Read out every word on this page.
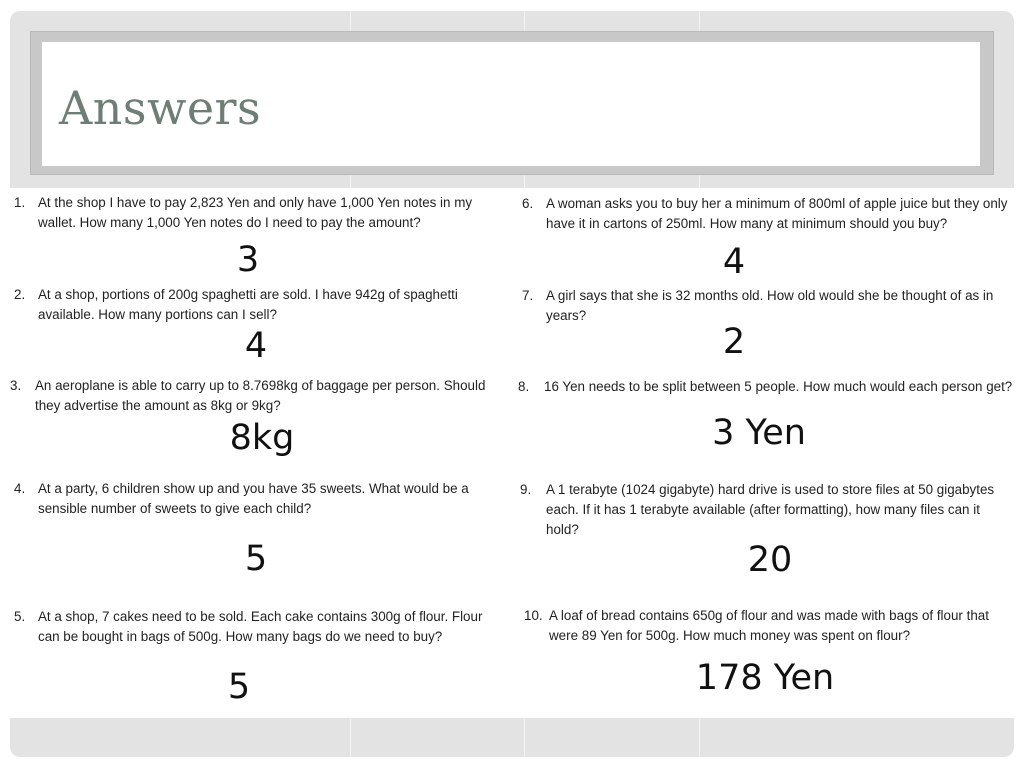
Answers
1. At the shop I have to pay 2,823 Yen and only have 1,000 Yen notes in my wallet. How many 1,000 Yen notes do I need to pay the amount?
3
2. At a shop, portions of 200g spaghetti are sold. I have 942g of spaghetti available. How many portions can I sell?
4
3. An aeroplane is able to carry up to 8.7698kg of baggage per person. Should they advertise the amount as 8kg or 9kg?
8kg
4. At a party, 6 children show up and you have 35 sweets. What would be a sensible number of sweets to give each child?
5
5. At a shop, 7 cakes need to be sold. Each cake contains 300g of flour. Flour can be bought in bags of 500g. How many bags do we need to buy?
5
6. A woman asks you to buy her a minimum of 800ml of apple juice but they only have it in cartons of 250ml. How many at minimum should you buy?
4
7. A girl says that she is 32 months old. How old would she be thought of as in years?
2
8. 16 Yen needs to be split between 5 people. How much would each person get?
3 Yen
9. A 1 terabyte (1024 gigabyte) hard drive is used to store files at 50 gigabytes each. If it has 1 terabyte available (after formatting), how many files can it hold?
20
10. A loaf of bread contains 650g of flour and was made with bags of flour that were 89 Yen for 500g. How much money was spent on flour?
178 Yen
